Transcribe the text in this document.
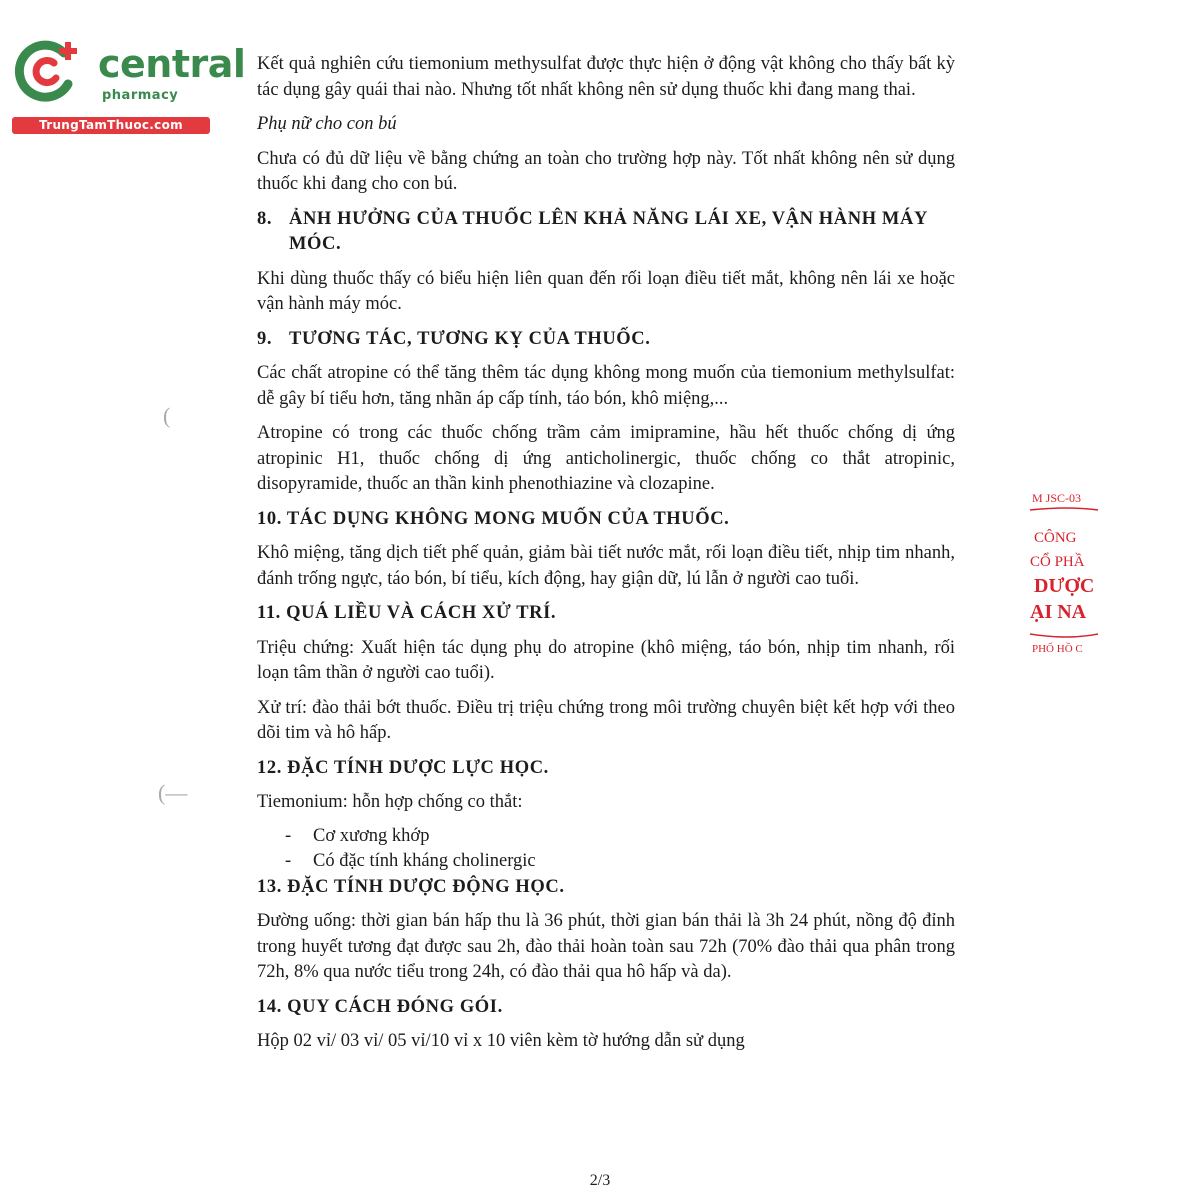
central
pharmacy
TrungTamThuoc.com
(
(—

Kết quả nghiên cứu tiemonium methysulfat được thực hiện ở động vật không cho thấy bất kỳ tác dụng gây quái thai nào. Nhưng tốt nhất không nên sử dụng thuốc khi đang mang thai.

Phụ nữ cho con bú

Chưa có đủ dữ liệu về bằng chứng an toàn cho trường hợp này. Tốt nhất không nên sử dụng thuốc khi đang cho con bú.

8. ẢNH HƯỞNG CỦA THUỐC LÊN KHẢ NĂNG LÁI XE, VẬN HÀNH MÁY MÓC.

Khi dùng thuốc thấy có biểu hiện liên quan đến rối loạn điều tiết mắt, không nên lái xe hoặc vận hành máy móc.

9. TƯƠNG TÁC, TƯƠNG KỴ CỦA THUỐC.

Các chất atropine có thể tăng thêm tác dụng không mong muốn của tiemonium methylsulfat: dễ gây bí tiểu hơn, tăng nhãn áp cấp tính, táo bón, khô miệng,...

Atropine có trong các thuốc chống trầm cảm imipramine, hầu hết thuốc chống dị ứng atropinic H1, thuốc chống dị ứng anticholinergic, thuốc chống co thắt atropinic, disopyramide, thuốc an thần kinh phenothiazine và clozapine.

10. TÁC DỤNG KHÔNG MONG MUỐN CỦA THUỐC.

Khô miệng, tăng dịch tiết phế quản, giảm bài tiết nước mắt, rối loạn điều tiết, nhịp tim nhanh, đánh trống ngực, táo bón, bí tiểu, kích động, hay giận dữ, lú lẫn ở người cao tuổi.

11. QUÁ LIỀU VÀ CÁCH XỬ TRÍ.

Triệu chứng: Xuất hiện tác dụng phụ do atropine (khô miệng, táo bón, nhịp tim nhanh, rối loạn tâm thần ở người cao tuổi).

Xử trí: đào thải bớt thuốc. Điều trị triệu chứng trong môi trường chuyên biệt kết hợp với theo dõi tim và hô hấp.

12. ĐẶC TÍNH DƯỢC LỰC HỌC.

Tiemonium: hỗn hợp chống co thắt:

-	Cơ xương khớp
-	Có đặc tính kháng cholinergic
13. ĐẶC TÍNH DƯỢC ĐỘNG HỌC.

Đường uống: thời gian bán hấp thu là 36 phút, thời gian bán thải là 3h 24 phút, nồng độ đỉnh trong huyết tương đạt được sau 2h, đào thải hoàn toàn sau 72h (70% đào thải qua phân trong 72h, 8% qua nước tiểu trong 24h, có đào thải qua hô hấp và da).

14. QUY CÁCH ĐÓNG GÓI.

Hộp 02 vỉ/ 03 vỉ/ 05 vỉ/10 vỉ x 10 viên kèm tờ hướng dẫn sử dụng

M JSC-03
CÔNG
CỔ PHẦ
DƯỢC
ẠI NA
PHỐ HỒ C
2/3
